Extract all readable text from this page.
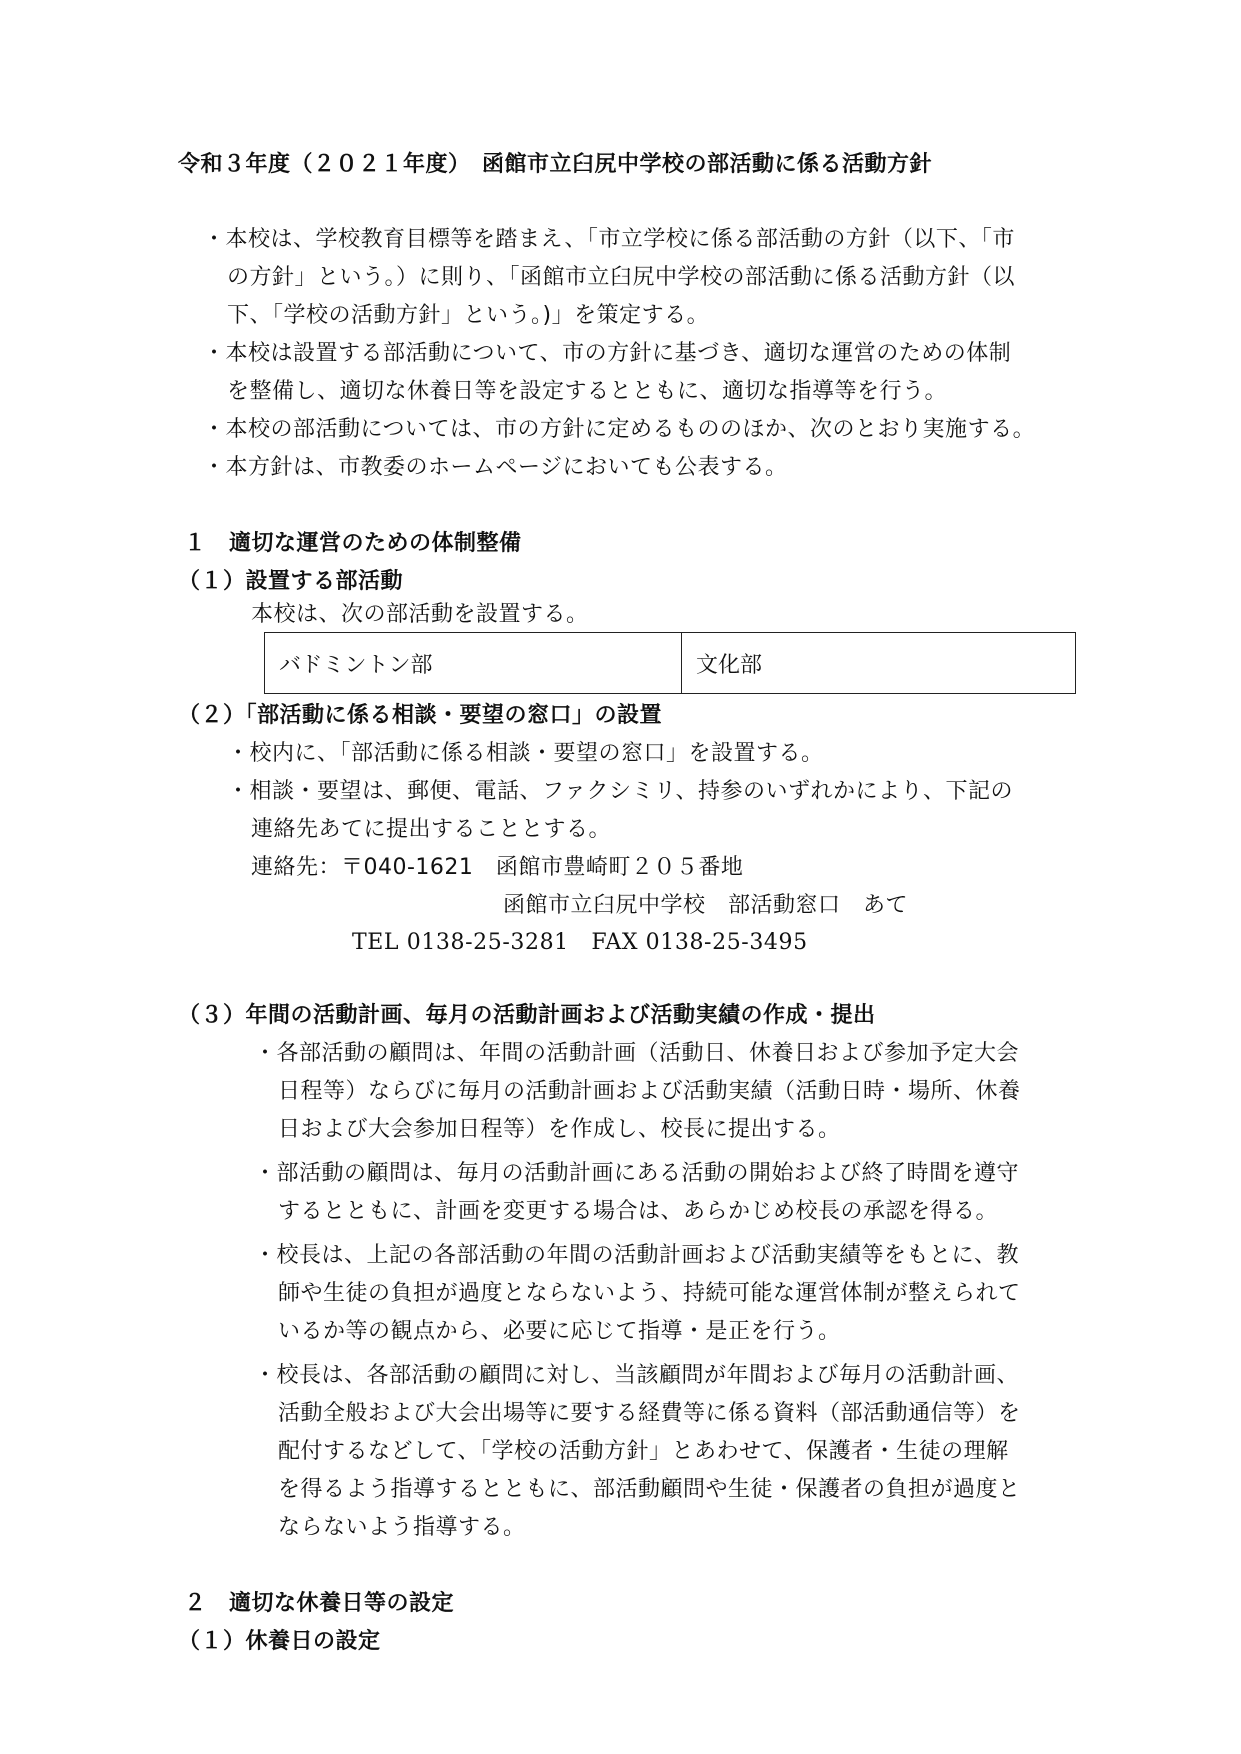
令和３年度（２０２１年度）　函館市立臼尻中学校の部活動に係る活動方針
・本校は、学校教育目標等を踏まえ、「市立学校に係る部活動の方針（以下、「市
の方針」という。）に則り、「函館市立臼尻中学校の部活動に係る活動方針（以
下、「学校の活動方針」という。)」を策定する。
・本校は設置する部活動について、市の方針に基づき、適切な運営のための体制
を整備し、適切な休養日等を設定するとともに、適切な指導等を行う。
・本校の部活動については、市の方針に定めるもののほか、次のとおり実施する。
・本方針は、市教委のホームページにおいても公表する。
１　適切な運営のための体制整備
（１）設置する部活動
本校は、次の部活動を設置する。
バドミントン部	文化部
（２）「部活動に係る相談・要望の窓口」の設置
・校内に、「部活動に係る相談・要望の窓口」を設置する。
・相談・要望は、郵便、電話、ファクシミリ、持参のいずれかにより、下記の
連絡先あてに提出することとする。
連絡先：〒040-1621　函館市豊崎町２０５番地
函館市立臼尻中学校　部活動窓口　あて
TEL 0138-25-3281　FAX 0138-25-3495
（３）年間の活動計画、毎月の活動計画および活動実績の作成・提出
・各部活動の顧問は、年間の活動計画（活動日、休養日および参加予定大会
日程等）ならびに毎月の活動計画および活動実績（活動日時・場所、休養
日および大会参加日程等）を作成し、校長に提出する。
・部活動の顧問は、毎月の活動計画にある活動の開始および終了時間を遵守
するとともに、計画を変更する場合は、あらかじめ校長の承認を得る。
・校長は、上記の各部活動の年間の活動計画および活動実績等をもとに、教
師や生徒の負担が過度とならないよう、持続可能な運営体制が整えられて
いるか等の観点から、必要に応じて指導・是正を行う。
・校長は、各部活動の顧問に対し、当該顧問が年間および毎月の活動計画、
活動全般および大会出場等に要する経費等に係る資料（部活動通信等）を
配付するなどして、「学校の活動方針」とあわせて、保護者・生徒の理解
を得るよう指導するとともに、部活動顧問や生徒・保護者の負担が過度と
ならないよう指導する。
２　適切な休養日等の設定
（１）休養日の設定
